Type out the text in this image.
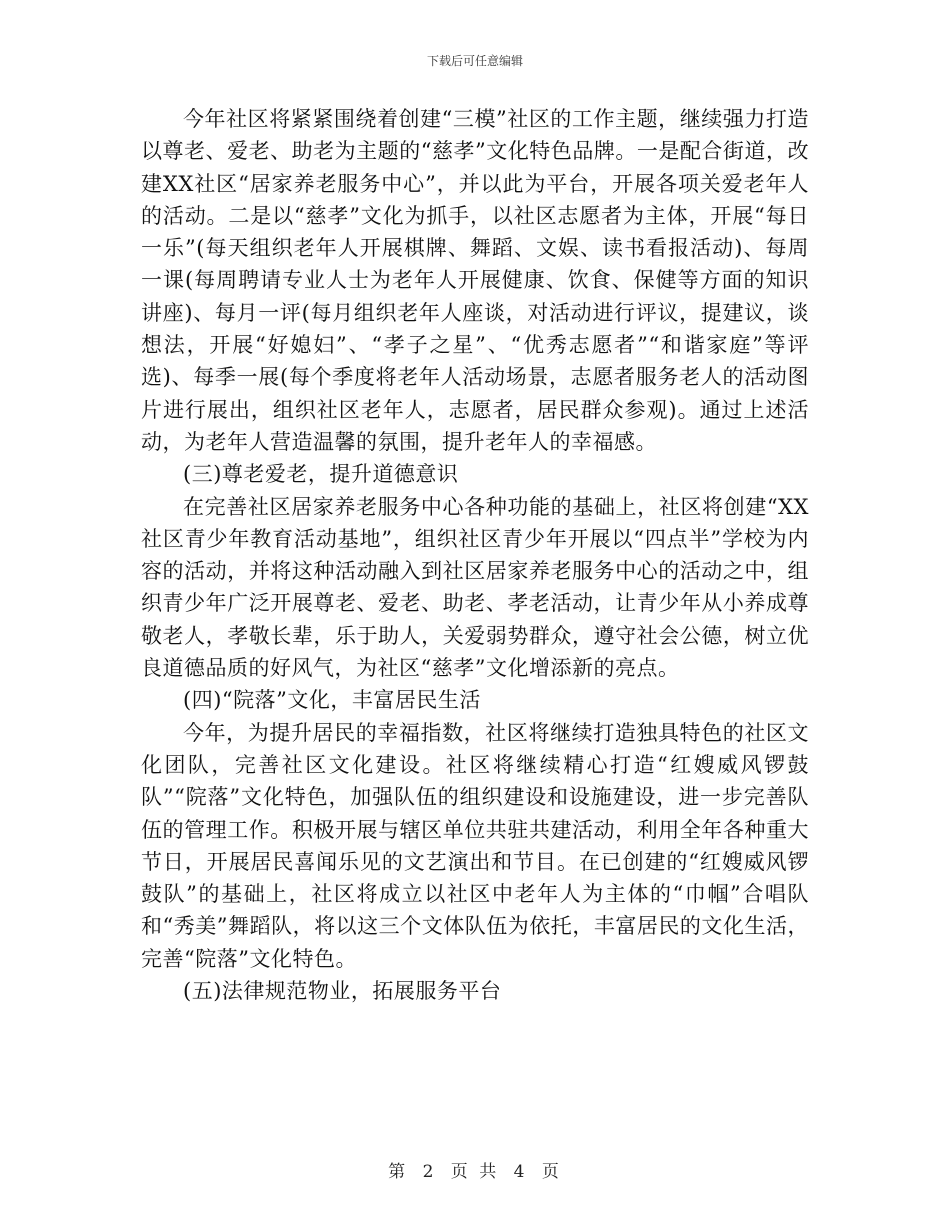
下载后可任意编辑

今年社区将紧紧围绕着创建“三模”社区的工作主题，继续强力打造以尊老、爱老、助老为主题的“慈孝”文化特色品牌。一是配合街道，改建XX社区“居家养老服务中心”，并以此为平台，开展各项关爱老年人的活动。二是以“慈孝”文化为抓手，以社区志愿者为主体，开展“每日一乐”(每天组织老年人开展棋牌、舞蹈、文娱、读书看报活动)、每周一课(每周聘请专业人士为老年人开展健康、饮食、保健等方面的知识讲座)、每月一评(每月组织老年人座谈，对活动进行评议，提建议，谈想法，开展“好媳妇”、“孝子之星”、“优秀志愿者”“和谐家庭”等评选)、每季一展(每个季度将老年人活动场景，志愿者服务老人的活动图片进行展出，组织社区老年人，志愿者，居民群众参观)。通过上述活动，为老年人营造温馨的氛围，提升老年人的幸福感。

(三)尊老爱老，提升道德意识

在完善社区居家养老服务中心各种功能的基础上，社区将创建“XX社区青少年教育活动基地”，组织社区青少年开展以“四点半”学校为内容的活动，并将这种活动融入到社区居家养老服务中心的活动之中，组织青少年广泛开展尊老、爱老、助老、孝老活动，让青少年从小养成尊敬老人，孝敬长辈，乐于助人，关爱弱势群众，遵守社会公德，树立优良道德品质的好风气，为社区“慈孝”文化增添新的亮点。

(四)“院落”文化，丰富居民生活

今年，为提升居民的幸福指数，社区将继续打造独具特色的社区文化团队，完善社区文化建设。社区将继续精心打造“红嫂威风锣鼓队”“院落”文化特色，加强队伍的组织建设和设施建设，进一步完善队伍的管理工作。积极开展与辖区单位共驻共建活动，利用全年各种重大节日，开展居民喜闻乐见的文艺演出和节目。在已创建的“红嫂威风锣鼓队”的基础上，社区将成立以社区中老年人为主体的“巾帼”合唱队和“秀美”舞蹈队，将以这三个文体队伍为依托，丰富居民的文化生活，完善“院落”文化特色。

(五)法律规范物业，拓展服务平台

第 2 页 共 4 页
